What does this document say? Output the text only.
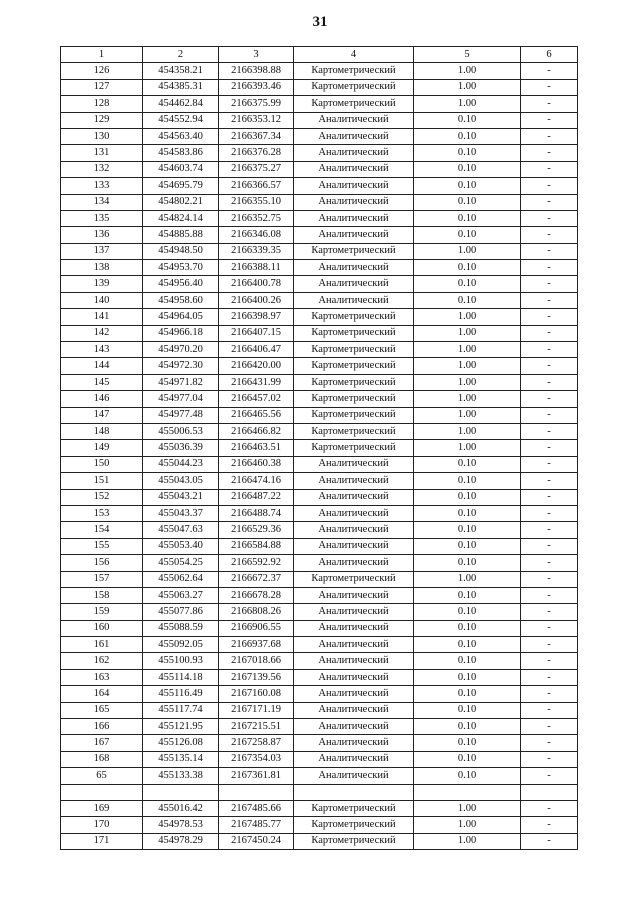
31
1	2	3	4	5	6
126	454358.21	2166398.88	Картометрический	1.00	-
127	454385.31	2166393.46	Картометрический	1.00	-
128	454462.84	2166375.99	Картометрический	1.00	-
129	454552.94	2166353.12	Аналитический	0.10	-
130	454563.40	2166367.34	Аналитический	0.10	-
131	454583.86	2166376.28	Аналитический	0.10	-
132	454603.74	2166375.27	Аналитический	0.10	-
133	454695.79	2166366.57	Аналитический	0.10	-
134	454802.21	2166355.10	Аналитический	0.10	-
135	454824.14	2166352.75	Аналитический	0.10	-
136	454885.88	2166346.08	Аналитический	0.10	-
137	454948.50	2166339.35	Картометрический	1.00	-
138	454953.70	2166388.11	Аналитический	0.10	-
139	454956.40	2166400.78	Аналитический	0.10	-
140	454958.60	2166400.26	Аналитический	0.10	-
141	454964.05	2166398.97	Картометрический	1.00	-
142	454966.18	2166407.15	Картометрический	1.00	-
143	454970.20	2166406.47	Картометрический	1.00	-
144	454972.30	2166420.00	Картометрический	1.00	-
145	454971.82	2166431.99	Картометрический	1.00	-
146	454977.04	2166457.02	Картометрический	1.00	-
147	454977.48	2166465.56	Картометрический	1.00	-
148	455006.53	2166466.82	Картометрический	1.00	-
149	455036.39	2166463.51	Картометрический	1.00	-
150	455044.23	2166460.38	Аналитический	0.10	-
151	455043.05	2166474.16	Аналитический	0.10	-
152	455043.21	2166487.22	Аналитический	0.10	-
153	455043.37	2166488.74	Аналитический	0.10	-
154	455047.63	2166529.36	Аналитический	0.10	-
155	455053.40	2166584.88	Аналитический	0.10	-
156	455054.25	2166592.92	Аналитический	0.10	-
157	455062.64	2166672.37	Картометрический	1.00	-
158	455063.27	2166678.28	Аналитический	0.10	-
159	455077.86	2166808.26	Аналитический	0.10	-
160	455088.59	2166906.55	Аналитический	0.10	-
161	455092.05	2166937.68	Аналитический	0.10	-
162	455100.93	2167018.66	Аналитический	0.10	-
163	455114.18	2167139.56	Аналитический	0.10	-
164	455116.49	2167160.08	Аналитический	0.10	-
165	455117.74	2167171.19	Аналитический	0.10	-
166	455121.95	2167215.51	Аналитический	0.10	-
167	455126.08	2167258.87	Аналитический	0.10	-
168	455135.14	2167354.03	Аналитический	0.10	-
65	455133.38	2167361.81	Аналитический	0.10	-

169	455016.42	2167485.66	Картометрический	1.00	-
170	454978.53	2167485.77	Картометрический	1.00	-
171	454978.29	2167450.24	Картометрический	1.00	-
